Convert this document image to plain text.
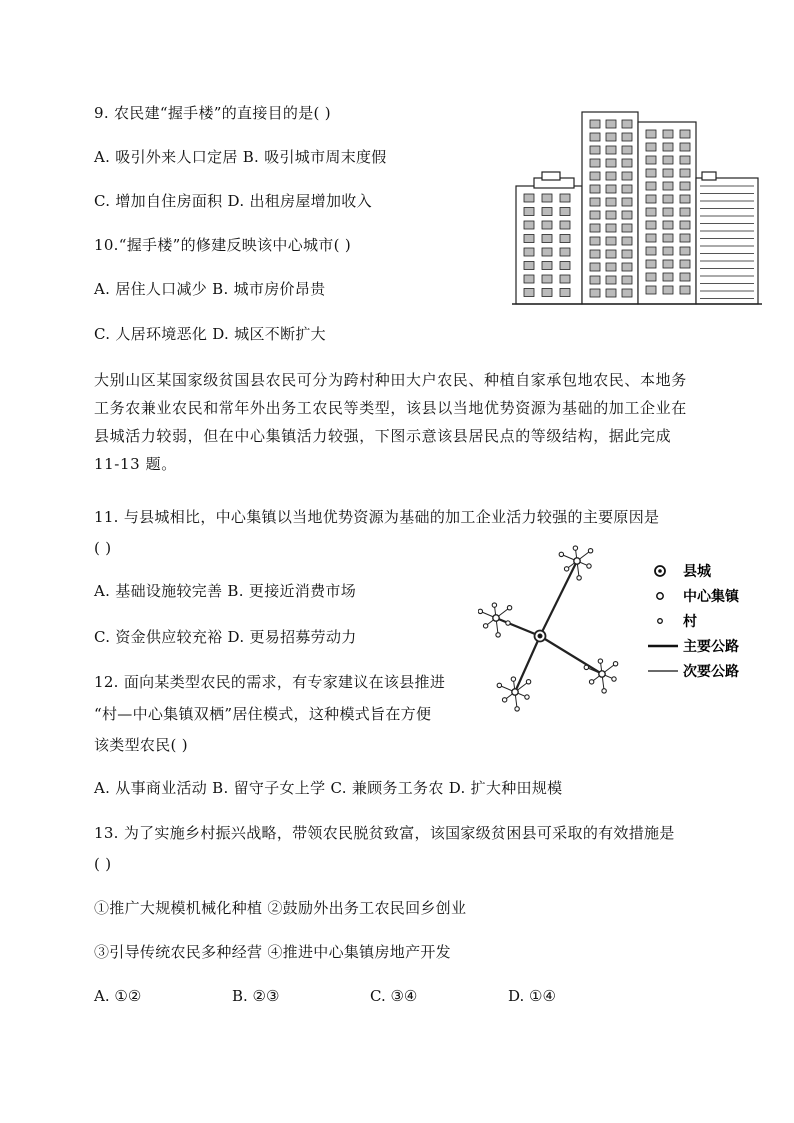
9. 农民建“握手楼”的直接目的是( )
A. 吸引外来人口定居 B. 吸引城市周末度假
C. 增加自住房面积 D. 出租房屋增加收入
10.“握手楼”的修建反映该中心城市( )
A. 居住人口减少 B. 城市房价昂贵
C. 人居环境恶化 D. 城区不断扩大
大别山区某国家级贫国县农民可分为跨村种田大户农民、种植自家承包地农民、本地务
工务农兼业农民和常年外出务工农民等类型，该县以当地优势资源为基础的加工企业在
县城活力较弱，但在中心集镇活力较强，下图示意该县居民点的等级结构，据此完成
11-13 题。
11. 与县城相比，中心集镇以当地优势资源为基础的加工企业活力较强的主要原因是
( )
A. 基础设施较完善 B. 更接近消费市场
C. 资金供应较充裕 D. 更易招募劳动力
12. 面向某类型农民的需求，有专家建议在该县推进
“村—中心集镇双栖”居住模式，这种模式旨在方便
该类型农民( )
A. 从事商业活动 B. 留守子女上学 C. 兼顾务工务农 D. 扩大种田规模
县城
中心集镇
村
主要公路
次要公路
13. 为了实施乡村振兴战略，带领农民脱贫致富，该国家级贫困县可采取的有效措施是
( )
①推广大规模机械化种植 ②鼓励外出务工农民回乡创业
③引导传统农民多种经营 ④推进中心集镇房地产开发
A. ①②	B. ②③	C. ③④	D. ①④
